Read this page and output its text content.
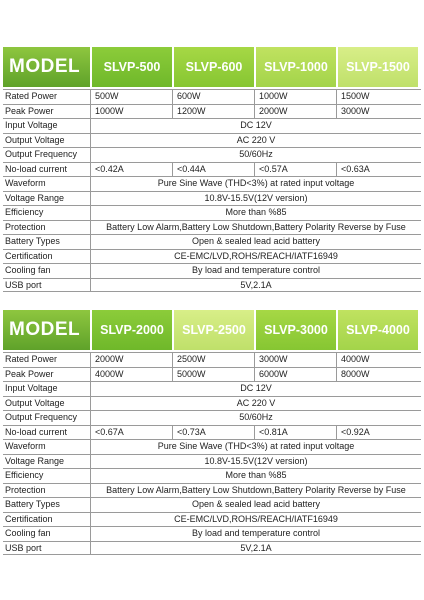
MODEL	SLVP-500	SLVP-600	SLVP-1000	SLVP-1500
Rated Power	500W	600W	1000W	1500W
Peak Power	1000W	1200W	2000W	3000W
Input Voltage	DC 12V
Output Voltage	AC 220 V
Output Frequency	50/60Hz
No-load current	<0.42A	<0.44A	<0.57A	<0.63A
Waveform	Pure Sine Wave (THD<3%) at rated input voltage
Voltage Range	10.8V-15.5V(12V version)
Efficiency	More than %85
Protection	Battery Low Alarm,Battery Low Shutdown,Battery Polarity Reverse by Fuse
Battery Types	Open & sealed lead acid battery
Certification	CE-EMC/LVD,ROHS/REACH/IATF16949
Cooling fan	By load and temperature control
USB port	5V,2.1A
MODEL	SLVP-2000	SLVP-2500	SLVP-3000	SLVP-4000
Rated Power	2000W	2500W	3000W	4000W
Peak Power	4000W	5000W	6000W	8000W
Input Voltage	DC 12V
Output Voltage	AC 220 V
Output Frequency	50/60Hz
No-load current	<0.67A	<0.73A	<0.81A	<0.92A
Waveform	Pure Sine Wave (THD<3%) at rated input voltage
Voltage Range	10.8V-15.5V(12V version)
Efficiency	More than %85
Protection	Battery Low Alarm,Battery Low Shutdown,Battery Polarity Reverse by Fuse
Battery Types	Open & sealed lead acid battery
Certification	CE-EMC/LVD,ROHS/REACH/IATF16949
Cooling fan	By load and temperature control
USB port	5V,2.1A
